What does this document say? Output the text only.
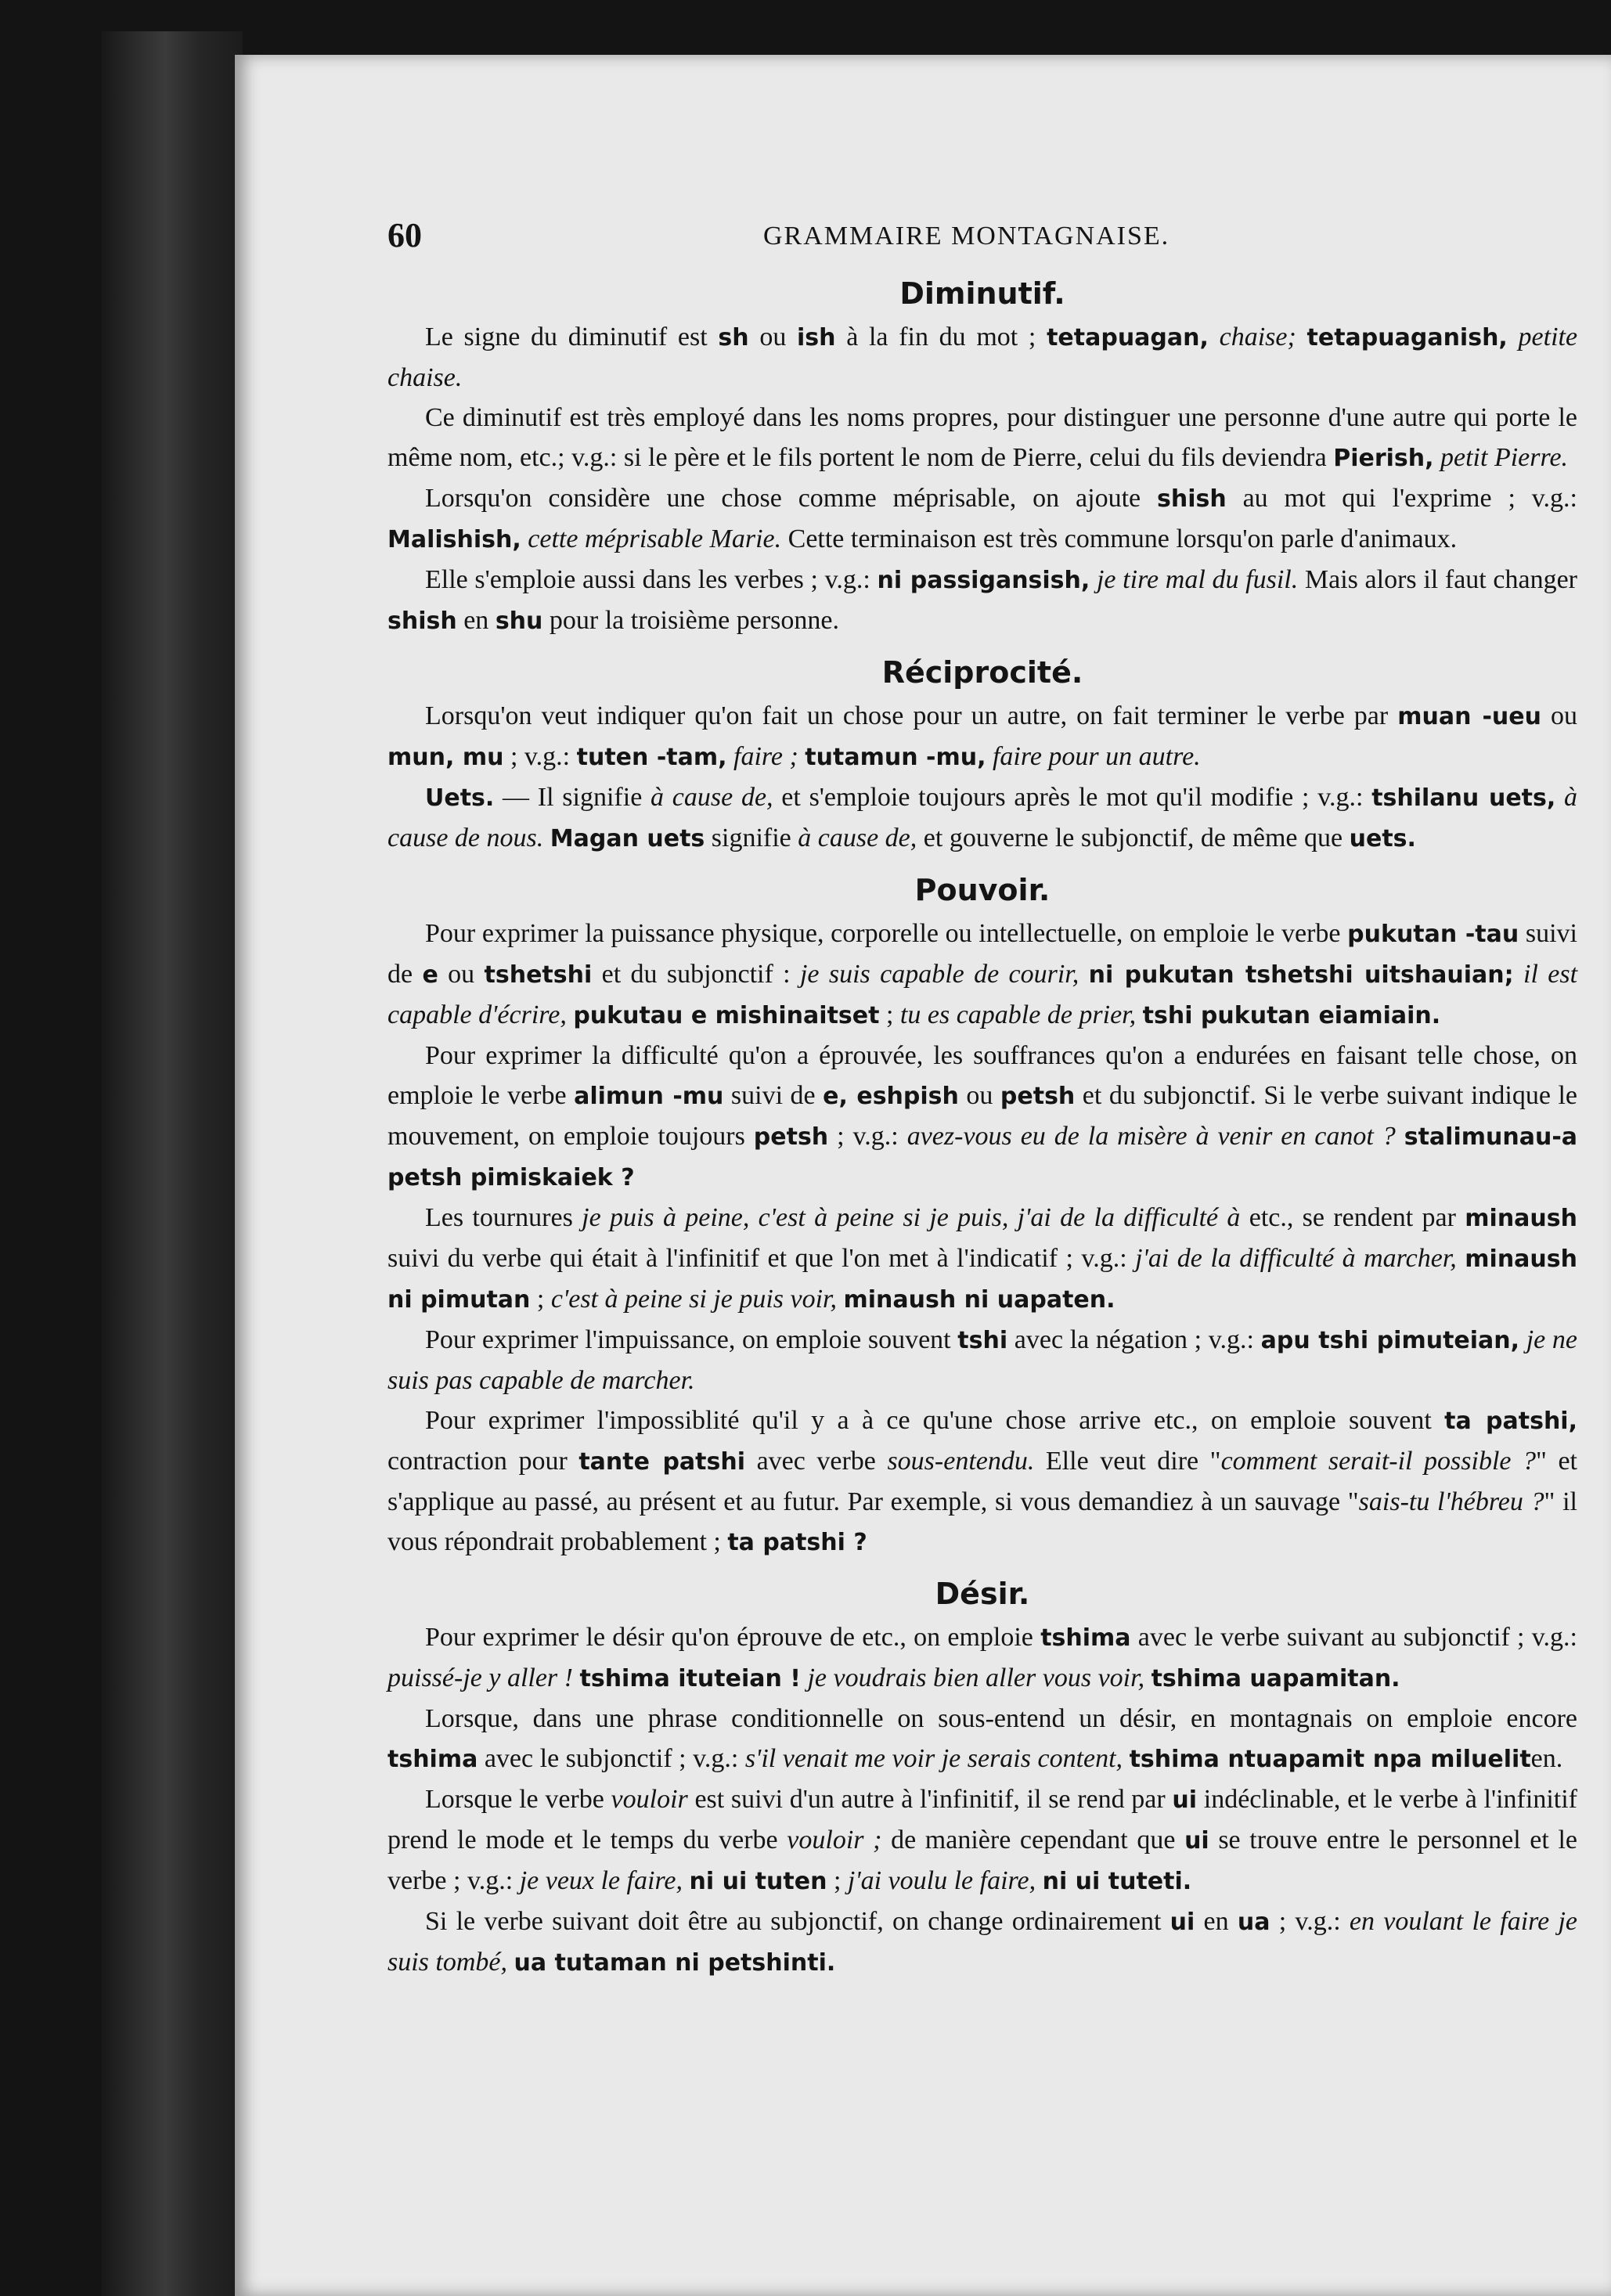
60	GRAMMAIRE MONTAGNAISE.
Diminutif.

Le signe du diminutif est sh ou ish à la fin du mot ; tetapuagan, chaise; tetapuaganish, petite chaise.

Ce diminutif est très employé dans les noms propres, pour distinguer une personne d'une autre qui porte le même nom, etc.; v.g.: si le père et le fils portent le nom de Pierre, celui du fils deviendra Pierish, petit Pierre.

Lorsqu'on considère une chose comme méprisable, on ajoute shish au mot qui l'exprime ; v.g.: Malishish, cette méprisable Marie. Cette terminaison est très commune lorsqu'on parle d'animaux.

Elle s'emploie aussi dans les verbes ; v.g.: ni passigansish, je tire mal du fusil. Mais alors il faut changer shish en shu pour la troisième personne.

Réciprocité.

Lorsqu'on veut indiquer qu'on fait un chose pour un autre, on fait terminer le verbe par muan -ueu ou mun, mu ; v.g.: tuten -tam, faire ; tutamun -mu, faire pour un autre.

Uets. — Il signifie à cause de, et s'emploie toujours après le mot qu'il modifie ; v.g.: tshilanu uets, à cause de nous. Magan uets signifie à cause de, et gouverne le subjonctif, de même que uets.

Pouvoir.

Pour exprimer la puissance physique, corporelle ou intellectuelle, on emploie le verbe pukutan -tau suivi de e ou tshetshi et du subjonctif : je suis capable de courir, ni pukutan tshetshi uitshauian; il est capable d'écrire, pukutau e mishinaitset ; tu es capable de prier, tshi pukutan eiamiain.

Pour exprimer la difficulté qu'on a éprouvée, les souffrances qu'on a endurées en faisant telle chose, on emploie le verbe alimun -mu suivi de e, eshpish ou petsh et du subjonctif. Si le verbe suivant indique le mouvement, on emploie toujours petsh ; v.g.: avez-vous eu de la misère à venir en canot ? stalimunau-a petsh pimiskaiek ?

Les tournures je puis à peine, c'est à peine si je puis, j'ai de la difficulté à etc., se rendent par minaush suivi du verbe qui était à l'infinitif et que l'on met à l'indicatif ; v.g.: j'ai de la difficulté à marcher, minaush ni pimutan ; c'est à peine si je puis voir, minaush ni uapaten.

Pour exprimer l'impuissance, on emploie souvent tshi avec la négation ; v.g.: apu tshi pimuteian, je ne suis pas capable de marcher.

Pour exprimer l'impossiblité qu'il y a à ce qu'une chose arrive etc., on emploie souvent ta patshi, contraction pour tante patshi avec verbe sous-entendu. Elle veut dire "comment serait-il possible ?" et s'applique au passé, au présent et au futur. Par exemple, si vous demandiez à un sauvage "sais-tu l'hébreu ?" il vous répondrait probablement ; ta patshi ?

Désir.

Pour exprimer le désir qu'on éprouve de etc., on emploie tshima avec le verbe suivant au subjonctif ; v.g.: puissé-je y aller ! tshima ituteian ! je voudrais bien aller vous voir, tshima uapamitan.

Lorsque, dans une phrase conditionnelle on sous-entend un désir, en montagnais on emploie encore tshima avec le subjonctif ; v.g.: s'il venait me voir je serais content, tshima ntuapamit npa milueliten.

Lorsque le verbe vouloir est suivi d'un autre à l'infinitif, il se rend par ui indéclinable, et le verbe à l'infinitif prend le mode et le temps du verbe vouloir ; de manière cependant que ui se trouve entre le personnel et le verbe ; v.g.: je veux le faire, ni ui tuten ; j'ai voulu le faire, ni ui tuteti.

Si le verbe suivant doit être au subjonctif, on change ordinairement ui en ua ; v.g.: en voulant le faire je suis tombé, ua tutaman ni petshinti.
